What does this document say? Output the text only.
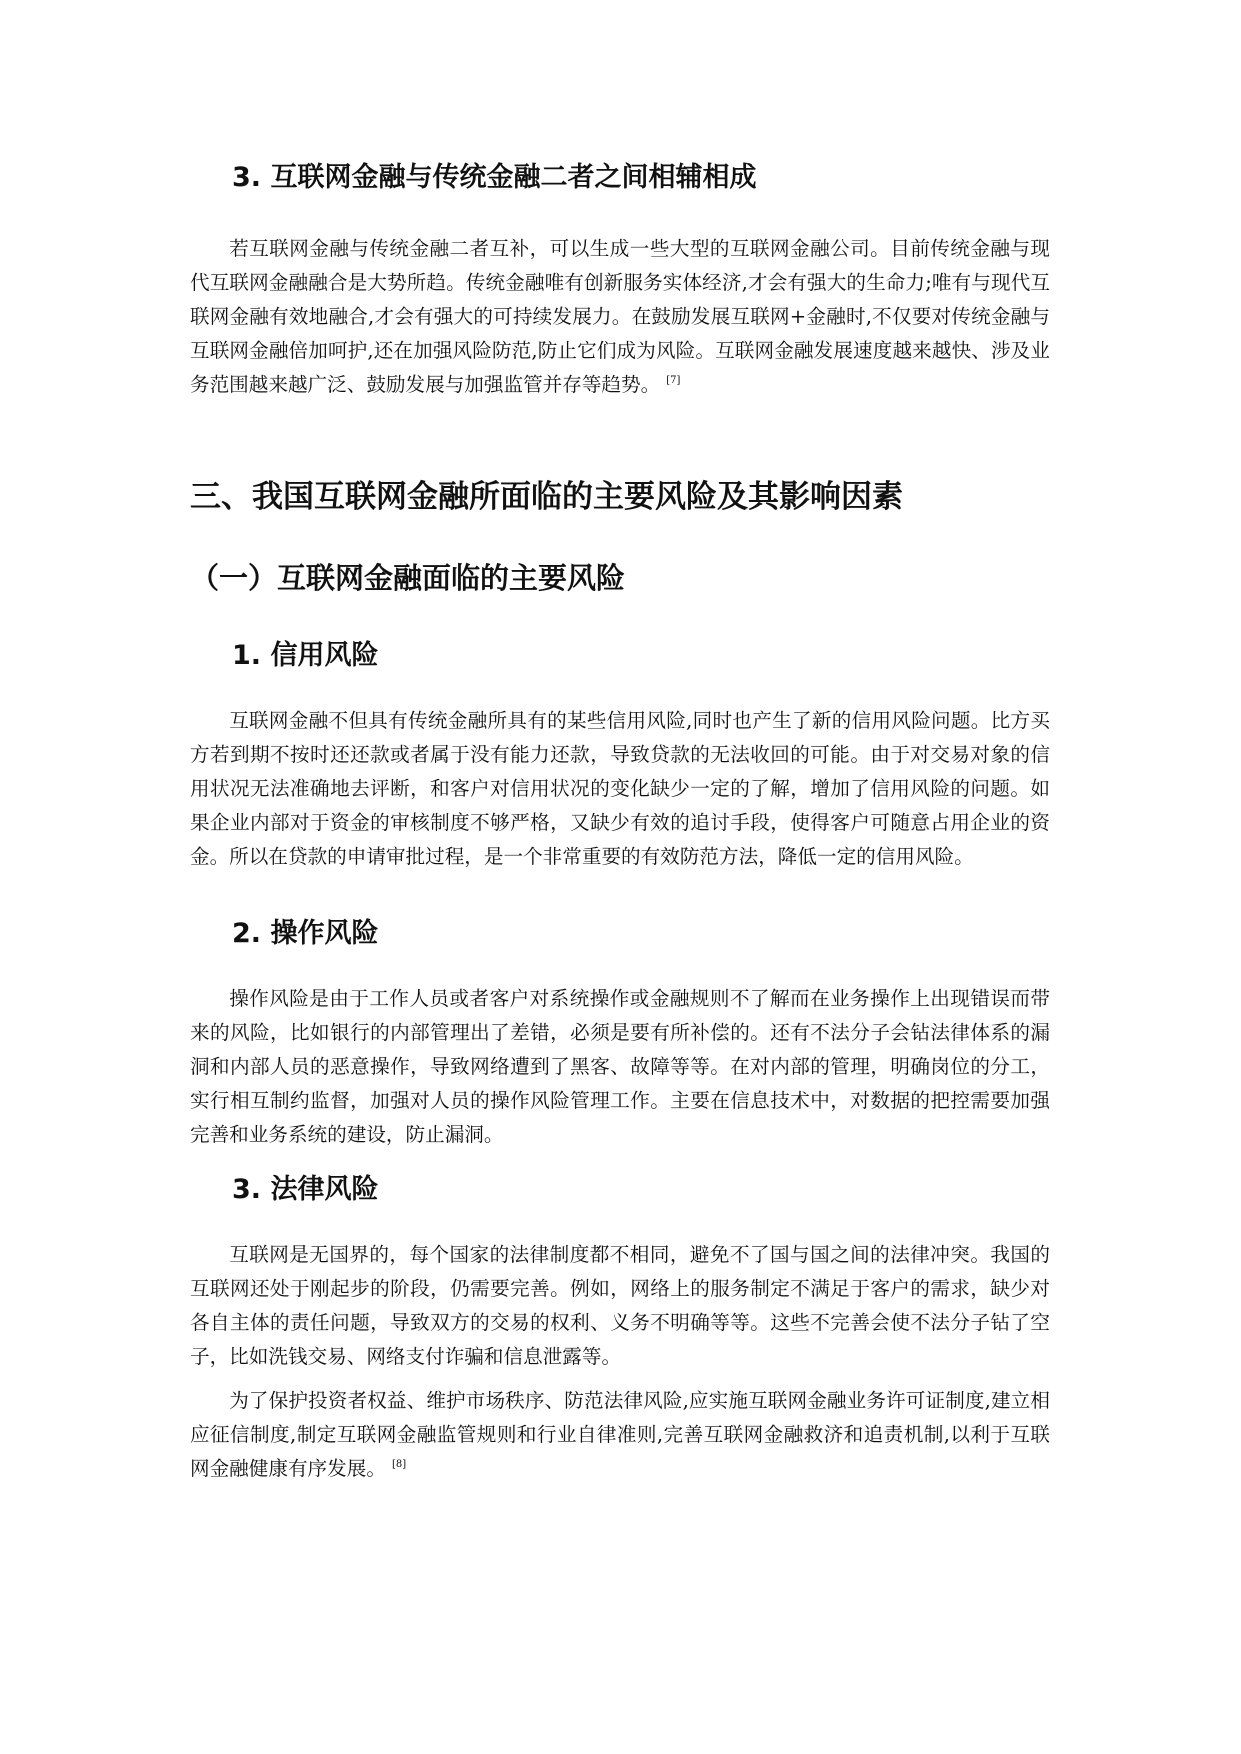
3. 互联网金融与传统金融二者之间相辅相成

若互联网金融与传统金融二者互补，可以生成一些大型的互联网金融公司。目前传统金融与现代互联网金融融合是大势所趋。传统金融唯有创新服务实体经济,才会有强大的生命力;唯有与现代互联网金融有效地融合,才会有强大的可持续发展力。在鼓励发展互联网+金融时,不仅要对传统金融与互联网金融倍加呵护,还在加强风险防范,防止它们成为风险。互联网金融发展速度越来越快、涉及业务范围越来越广泛、鼓励发展与加强监管并存等趋势。 [7]

三、我国互联网金融所面临的主要风险及其影响因素
（一）互联网金融面临的主要风险
1. 信用风险

互联网金融不但具有传统金融所具有的某些信用风险,同时也产生了新的信用风险问题。比方买方若到期不按时还还款或者属于没有能力还款，导致贷款的无法收回的可能。由于对交易对象的信用状况无法准确地去评断，和客户对信用状况的变化缺少一定的了解，增加了信用风险的问题。如果企业内部对于资金的审核制度不够严格，又缺少有效的追讨手段，使得客户可随意占用企业的资金。所以在贷款的申请审批过程，是一个非常重要的有效防范方法，降低一定的信用风险。

2. 操作风险

操作风险是由于工作人员或者客户对系统操作或金融规则不了解而在业务操作上出现错误而带来的风险，比如银行的内部管理出了差错，必须是要有所补偿的。还有不法分子会钻法律体系的漏洞和内部人员的恶意操作，导致网络遭到了黑客、故障等等。在对内部的管理，明确岗位的分工，实行相互制约监督，加强对人员的操作风险管理工作。主要在信息技术中，对数据的把控需要加强完善和业务系统的建设，防止漏洞。

3. 法律风险

互联网是无国界的，每个国家的法律制度都不相同，避免不了国与国之间的法律冲突。我国的互联网还处于刚起步的阶段，仍需要完善。例如，网络上的服务制定不满足于客户的需求，缺少对各自主体的责任问题，导致双方的交易的权利、义务不明确等等。这些不完善会使不法分子钻了空子，比如洗钱交易、网络支付诈骗和信息泄露等。

为了保护投资者权益、维护市场秩序、防范法律风险,应实施互联网金融业务许可证制度,建立相应征信制度,制定互联网金融监管规则和行业自律准则,完善互联网金融救济和追责机制,以利于互联网金融健康有序发展。 [8]
